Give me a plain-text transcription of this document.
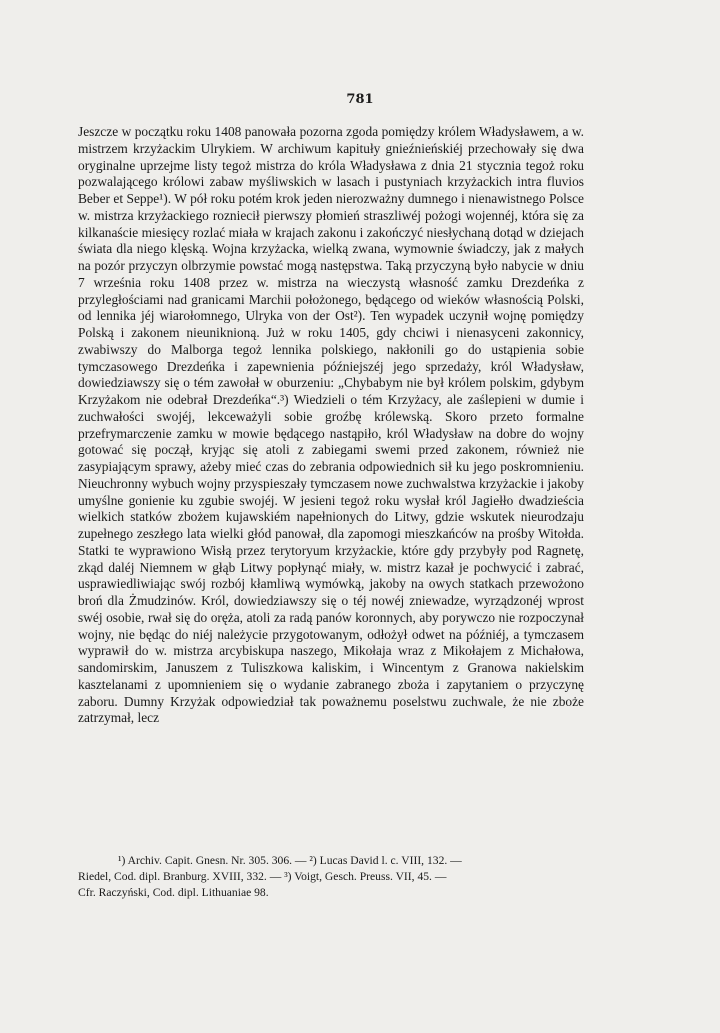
781

Jeszcze w początku roku 1408 panowała pozorna zgoda pomiędzy królem Władysławem, a w. mistrzem krzyżackim Ulrykiem. W archiwum kapituły gnieźnieńskiéj przechowały się dwa oryginalne uprzejme listy tegoż mistrza do króla Władysława z dnia 21 stycznia tegoż roku pozwalającego królowi zabaw myśliwskich w lasach i pustyniach krzyżackich intra fluvios Beber et Seppe¹). W pół roku potém krok jeden nierozważny dumnego i nienawistnego Polsce w. mistrza krzyżackiego rozniecił pierwszy płomień straszliwéj pożogi wojennéj, która się za kilkanaście miesięcy rozlać miała w krajach zakonu i zakończyć niesłychaną dotąd w dziejach świata dla niego klęską. Wojna krzyżacka, wielką zwana, wymownie świadczy, jak z małych na pozór przyczyn olbrzymie powstać mogą następstwa. Taką przyczyną było nabycie w dniu 7 września roku 1408 przez w. mistrza na wieczystą własność zamku Drezdeńka z przyległościami nad granicami Marchii położonego, będącego od wieków własnością Polski, od lennika jéj wiarołomnego, Ulryka von der Ost²). Ten wypadek uczynił wojnę pomiędzy Polską i zakonem nieuniknioną. Już w roku 1405, gdy chciwi i nienasyceni zakonnicy, zwabiwszy do Malborga tegoż lennika polskiego, nakłonili go do ustąpienia sobie tymczasowego Drezdeńka i zapewnienia późniejszéj jego sprzedaży, król Władysław, dowiedziawszy się o tém zawołał w oburzeniu: „Chybabym nie był królem polskim, gdybym Krzyżakom nie odebrał Drezdeńka“.³) Wiedzieli o tém Krzyżacy, ale zaślepieni w dumie i zuchwałości swojéj, lekceważyli sobie groźbę królewską. Skoro przeto formalne przefrymarczenie zamku w mowie będącego nastąpiło, król Władysław na dobre do wojny gotować się począł, kryjąc się atoli z zabiegami swemi przed zakonem, również nie zasypiającym sprawy, ażeby mieć czas do zebrania odpowiednich sił ku jego poskromnieniu. Nieuchronny wybuch wojny przyspieszały tymczasem nowe zuchwalstwa krzyżackie i jakoby umyślne gonienie ku zgubie swojéj. W jesieni tegoż roku wysłał król Jagiełło dwadzieścia wielkich statków zbożem kujawskiém napełnionych do Litwy, gdzie wskutek nieurodzaju zupełnego zeszłego lata wielki głód panował, dla zapomogi mieszkańców na prośby Witołda. Statki te wyprawiono Wisłą przez terytoryum krzyżackie, które gdy przybyły pod Ragnetę, zkąd daléj Niemnem w głąb Litwy popłynąć miały, w. mistrz kazał je pochwycić i zabrać, usprawiedliwiając swój rozbój kłamliwą wymówką, jakoby na owych statkach przewożono broń dla Żmudzinów. Król, dowiedziawszy się o téj nowéj zniewadze, wyrządzonéj wprost swéj osobie, rwał się do oręża, atoli za radą panów koronnych, aby porywczo nie rozpoczynał wojny, nie będąc do niéj należycie przygotowanym, odłożył odwet na późniéj, a tymczasem wyprawił do w. mistrza arcybiskupa naszego, Mikołaja wraz z Mikołajem z Michałowa, sandomirskim, Januszem z Tuliszkowa kaliskim, i Wincentym z Granowa nakielskim kasztelanami z upomnieniem się o wydanie zabranego zboża i zapytaniem o przyczynę zaboru. Dumny Krzyżak odpowiedział tak poważnemu poselstwu zuchwale, że nie zboże zatrzymał, lecz

¹) Archiv. Capit. Gnesn. Nr. 305. 306. — ²) Lucas David l. c. VIII, 132. —
Riedel, Cod. dipl. Branburg. XVIII, 332. — ³) Voigt, Gesch. Preuss. VII, 45. —
Cfr. Raczyński, Cod. dipl. Lithuaniae 98.
